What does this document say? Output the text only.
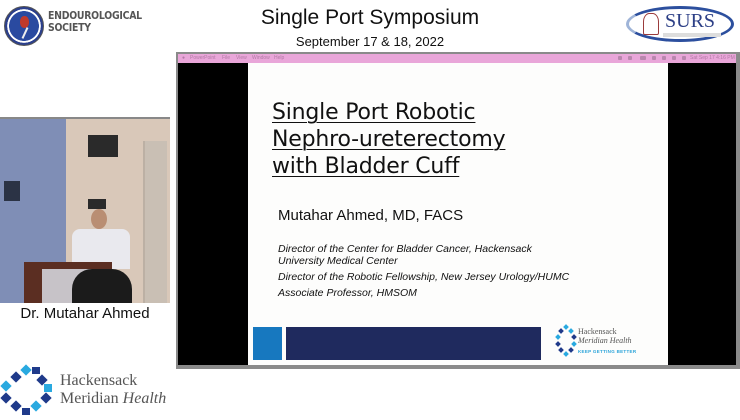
ENDOUROLOGICAL
SOCIETY	Single Port Symposium
September 17 & 18, 2022
SURS
● PowerPoint File View Window Help	Sat Sep 17 4:16 PM
Single Port Robotic
Nephro-ureterectomy
with Bladder Cuff
Mutahar Ahmed, MD, FACS
Director of the Center for Bladder Cancer, Hackensack
University Medical Center
Director of the Robotic Fellowship, New Jersey Urology/HUMC
Associate Professor, HMSOM
Hackensack
Meridian Health
KEEP GETTING BETTER
Dr. Mutahar Ahmed
Hackensack
Meridian Health
